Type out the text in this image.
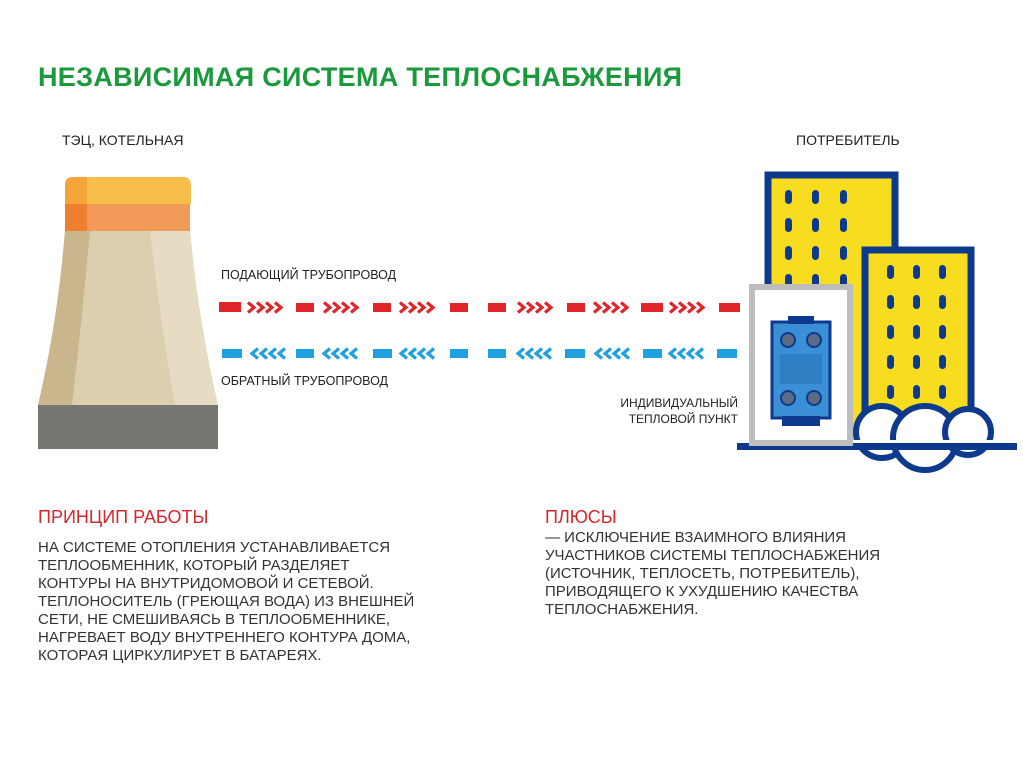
НЕЗАВИСИМАЯ СИСТЕМА ТЕПЛОСНАБЖЕНИЯ
ТЭЦ, КОТЕЛЬНАЯ	ПОТРЕБИТЕЛЬ
ПОДАЮЩИЙ ТРУБОПРОВОД
ОБРАТНЫЙ ТРУБОПРОВОД
ИНДИВИДУАЛЬНЫЙ
ТЕПЛОВОЙ ПУНКТ
ПРИНЦИП РАБОТЫ
НА СИСТЕМЕ ОТОПЛЕНИЯ УСТАНАВЛИВАЕТСЯ
ТЕПЛООБМЕННИК, КОТОРЫЙ РАЗДЕЛЯЕТ
КОНТУРЫ НА ВНУТРИДОМОВОЙ И СЕТЕВОЙ.
ТЕПЛОНОСИТЕЛЬ (ГРЕЮЩАЯ ВОДА) ИЗ ВНЕШНЕЙ
СЕТИ, НЕ СМЕШИВАЯСЬ В ТЕПЛООБМЕННИКЕ,
НАГРЕВАЕТ ВОДУ ВНУТРЕННЕГО КОНТУРА ДОМА,
КОТОРАЯ ЦИРКУЛИРУЕТ В БАТАРЕЯХ.
ПЛЮСЫ
— ИСКЛЮЧЕНИЕ ВЗАИМНОГО ВЛИЯНИЯ
УЧАСТНИКОВ СИСТЕМЫ ТЕПЛОСНАБЖЕНИЯ
(ИСТОЧНИК, ТЕПЛОСЕТЬ, ПОТРЕБИТЕЛЬ),
ПРИВОДЯЩЕГО К УХУДШЕНИЮ КАЧЕСТВА
ТЕПЛОСНАБЖЕНИЯ.
